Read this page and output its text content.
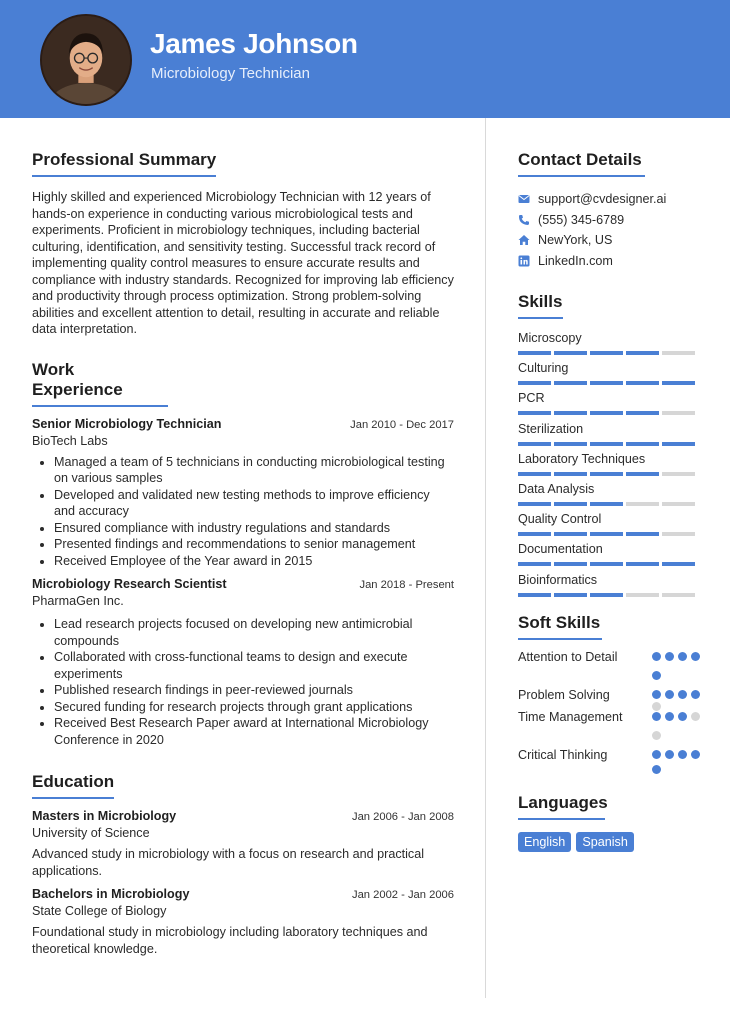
James Johnson
Microbiology Technician
Professional Summary

Highly skilled and experienced Microbiology Technician with 12 years of hands-on experience in conducting various microbiological tests and experiments. Proficient in microbiology techniques, including bacterial culturing, identification, and sensitivity testing. Successful track record of implementing quality control measures to ensure accurate results and compliance with industry standards. Recognized for improving lab efficiency and productivity through process optimization. Strong problem-solving abilities and excellent attention to detail, resulting in accurate and reliable data interpretation.

Work Experience
Senior Microbiology Technician	Jan 2010 - Dec 2017
BioTech Labs
• Managed a team of 5 technicians in conducting microbiological testing on various samples
• Developed and validated new testing methods to improve efficiency and accuracy
• Ensured compliance with industry regulations and standards
• Presented findings and recommendations to senior management
• Received Employee of the Year award in 2015
Microbiology Research Scientist	Jan 2018 - Present
PharmaGen Inc.
• Lead research projects focused on developing new antimicrobial compounds
• Collaborated with cross-functional teams to design and execute experiments
• Published research findings in peer-reviewed journals
• Secured funding for research projects through grant applications
• Received Best Research Paper award at International Microbiology Conference in 2020
Education
Masters in Microbiology	Jan 2006 - Jan 2008
University of Science

Advanced study in microbiology with a focus on research and practical applications.

Bachelors in Microbiology	Jan 2002 - Jan 2006
State College of Biology

Foundational study in microbiology including laboratory techniques and theoretical knowledge.

Contact Details
support@cvdesigner.ai
(555) 345-6789
NewYork, US
LinkedIn.com
Skills
Microscopy
Culturing
PCR
Sterilization
Laboratory Techniques
Data Analysis
Quality Control
Documentation
Bioinformatics
Soft Skills
Attention to Detail
Problem Solving
Time Management
Critical Thinking
Languages
English	Spanish
